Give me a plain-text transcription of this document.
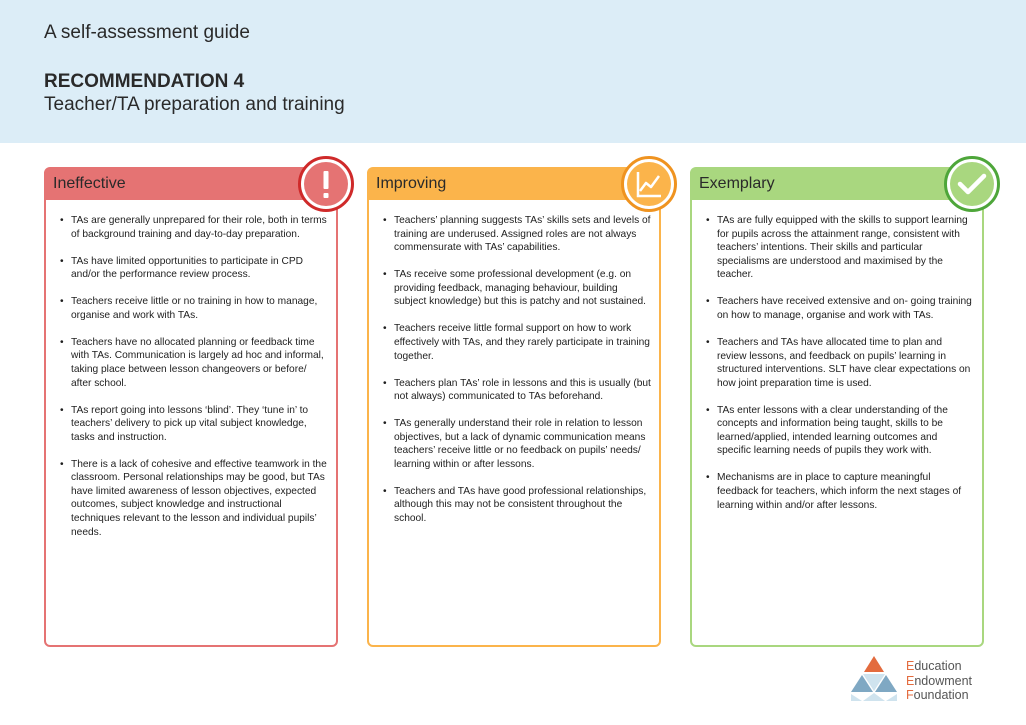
A self-assessment guide
RECOMMENDATION 4
Teacher/TA preparation and training
Ineffective
• TAs are generally unprepared for their role, both in terms of background training and day-to-day preparation.
• TAs have limited opportunities to participate in CPD and/or the performance review process.
• Teachers receive little or no training in how to manage, organise and work with TAs.
• Teachers have no allocated planning or feedback time with TAs. Communication is largely ad hoc and informal, taking place between lesson changeovers or before/ after school.
• TAs report going into lessons ‘blind’. They ‘tune in’ to teachers’ delivery to pick up vital subject knowledge, tasks and instruction.
• There is a lack of cohesive and effective teamwork in the classroom. Personal relationships may be good, but TAs have limited awareness of lesson objectives, expected outcomes, subject knowledge and instructional techniques relevant to the lesson and individual pupils’ needs.
Improving
• Teachers’ planning suggests TAs’ skills sets and levels of training are underused. Assigned roles are not always commensurate with TAs’ capabilities.
• TAs receive some professional development (e.g. on providing feedback, managing behaviour, building subject knowledge) but this is patchy and not sustained.
• Teachers receive little formal support on how to work effectively with TAs, and they rarely participate in training together.
• Teachers plan TAs’ role in lessons and this is usually (but not always) communicated to TAs beforehand.
• TAs generally understand their role in relation to lesson objectives, but a lack of dynamic communication means teachers’ receive little or no feedback on pupils’ needs/ learning within or after lessons.
• Teachers and TAs have good professional relationships, although this may not be consistent throughout the school.
Exemplary
• TAs are fully equipped with the skills to support learning for pupils across the attainment range, consistent with teachers’ intentions. Their skills and particular specialisms are understood and maximised by the teacher.
• Teachers have received extensive and on- going training on how to manage, organise and work with TAs.
• Teachers and TAs have allocated time to plan and review lessons, and feedback on pupils’ learning in structured interventions. SLT have clear expectations on how joint preparation time is used.
• TAs enter lessons with a clear understanding of the concepts and information being taught, skills to be learned/applied, intended learning outcomes and specific learning needs of pupils they work with.
• Mechanisms are in place to capture meaningful feedback for teachers, which inform the next stages of learning within and/or after lessons.
Education
Endowment
Foundation
